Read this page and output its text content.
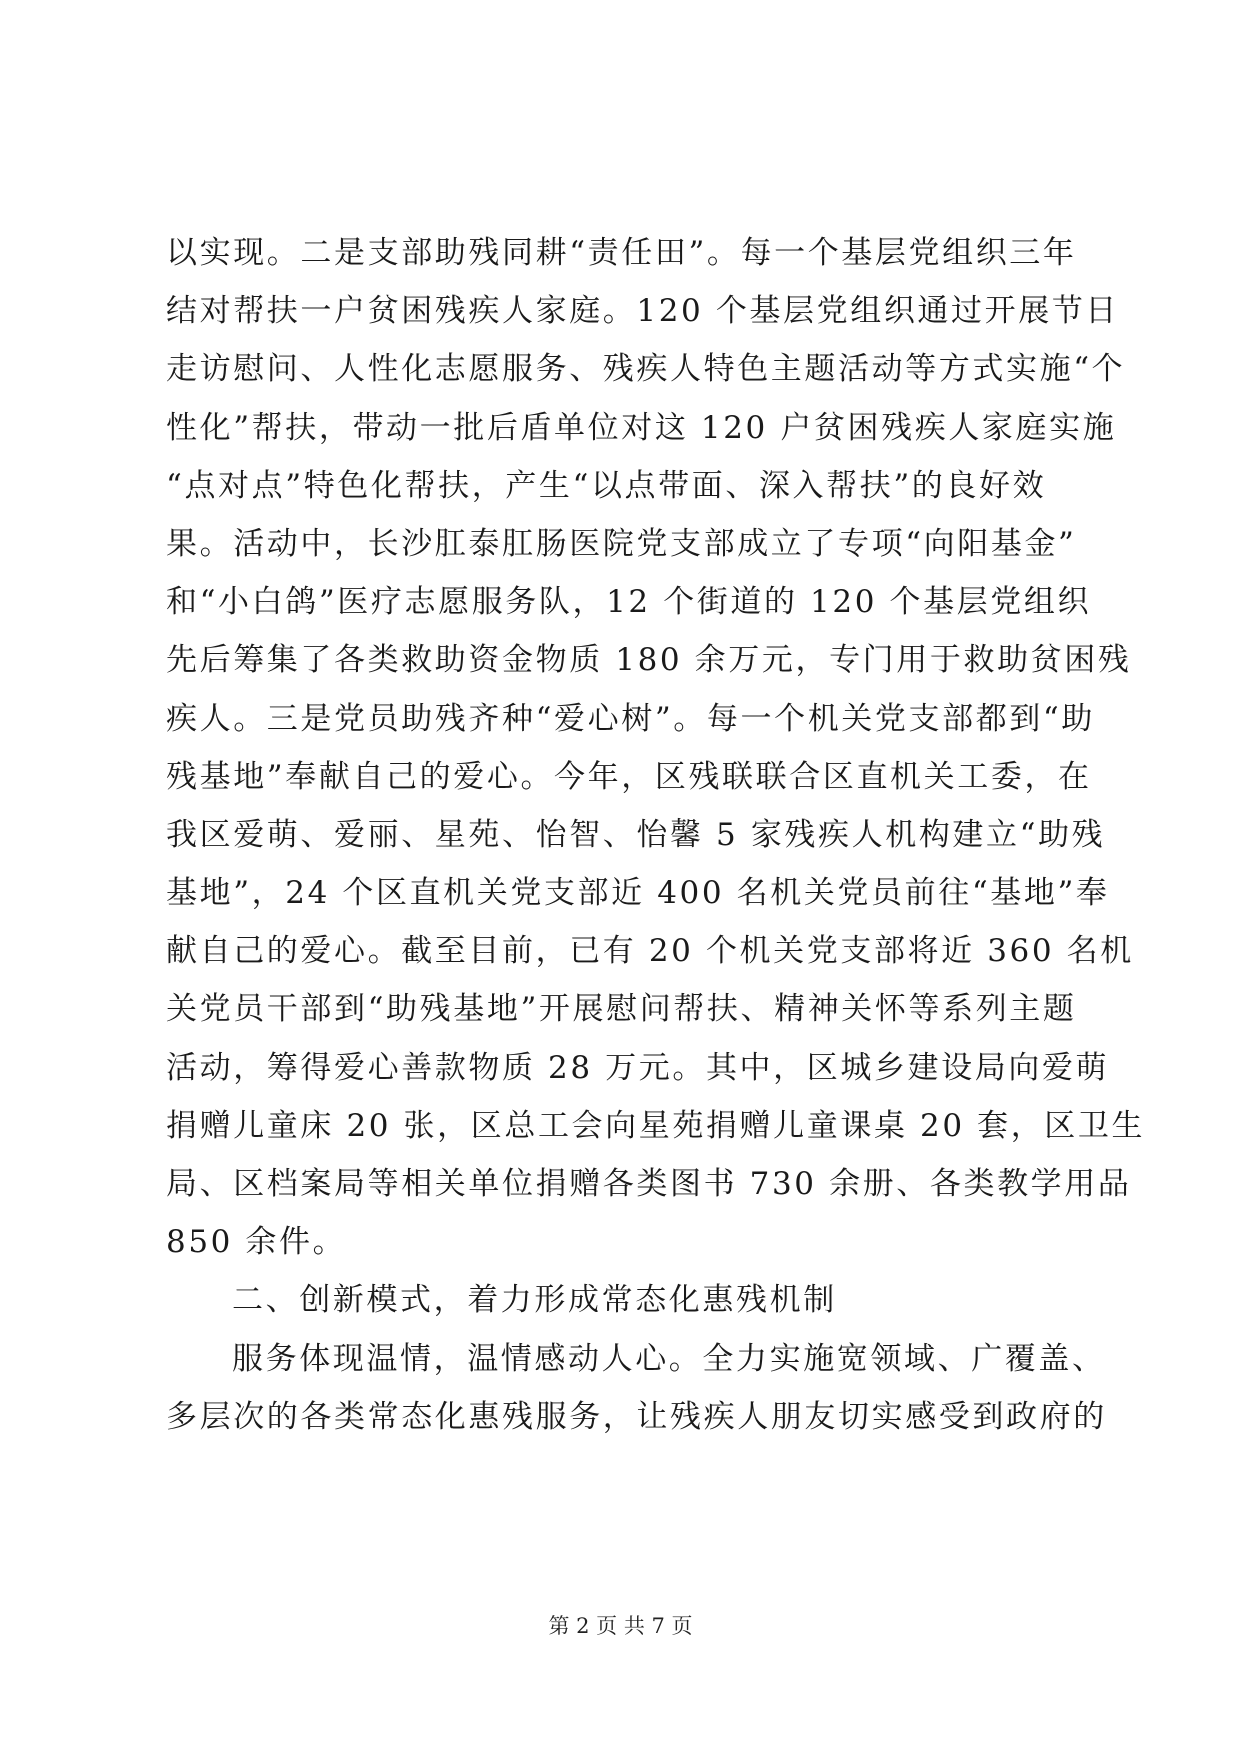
以实现。二是支部助残同耕“责任田”。每一个基层党组织三年
结对帮扶一户贫困残疾人家庭。120 个基层党组织通过开展节日
走访慰问、人性化志愿服务、残疾人特色主题活动等方式实施“个
性化”帮扶，带动一批后盾单位对这 120 户贫困残疾人家庭实施
“点对点”特色化帮扶，产生“以点带面、深入帮扶”的良好效
果。活动中，长沙肛泰肛肠医院党支部成立了专项“向阳基金”
和“小白鸽”医疗志愿服务队，12 个街道的 120 个基层党组织
先后筹集了各类救助资金物质 180 余万元，专门用于救助贫困残
疾人。三是党员助残齐种“爱心树”。每一个机关党支部都到“助
残基地”奉献自己的爱心。今年，区残联联合区直机关工委，在
我区爱萌、爱丽、星苑、怡智、怡馨 5 家残疾人机构建立“助残
基地”，24 个区直机关党支部近 400 名机关党员前往“基地”奉
献自己的爱心。截至目前，已有 20 个机关党支部将近 360 名机
关党员干部到“助残基地”开展慰问帮扶、精神关怀等系列主题
活动，筹得爱心善款物质 28 万元。其中，区城乡建设局向爱萌
捐赠儿童床 20 张，区总工会向星苑捐赠儿童课桌 20 套，区卫生
局、区档案局等相关单位捐赠各类图书 730 余册、各类教学用品
850 余件。
二、创新模式，着力形成常态化惠残机制
服务体现温情，温情感动人心。全力实施宽领域、广覆盖、
多层次的各类常态化惠残服务，让残疾人朋友切实感受到政府的
第 2 页 共 7 页
